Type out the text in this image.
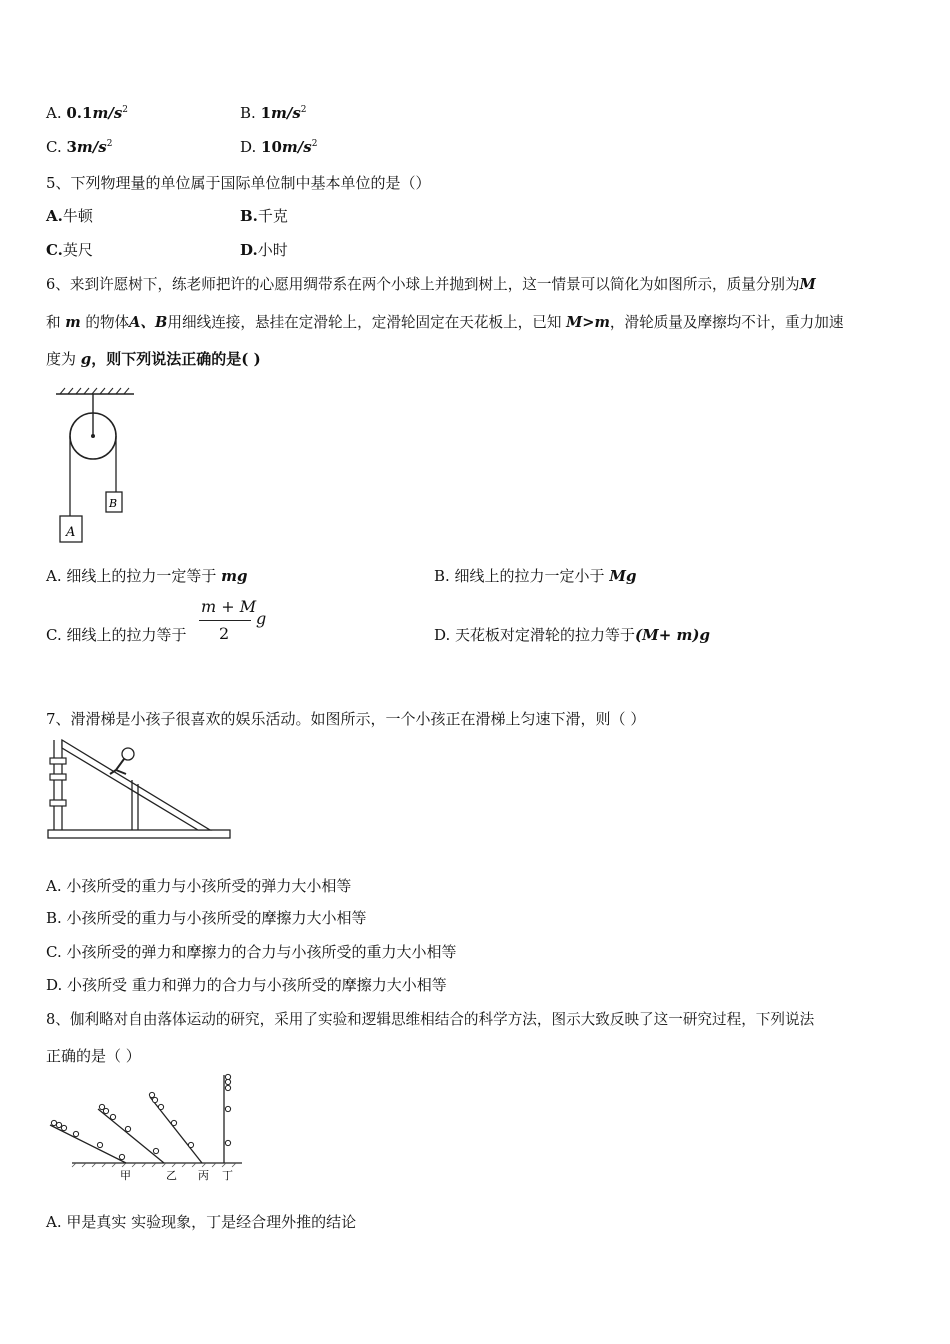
A. $0.1m/s^2$	B. $1m/s^2$
C. $3m/s^2$	D. $10m/s^2$
5、下列物理量的单位属于国际单位制中基本单位的是（）
A.牛顿	B.千克
C.英尺	D.小时
6、来到许愿树下，练老师把许的心愿用绸带系在两个小球上并抛到树上，这一情景可以简化为如图所示，质量分别为M
和 m 的物体A、B用细线连接，悬挂在定滑轮上，定滑轮固定在天花板上，已知 M>m，滑轮质量及摩擦均不计，重力加速
度为 g，则下列说法正确的是( )
A
B
A. 细线上的拉力一定等于 mg	B. 细线上的拉力一定小于 Mg
C. 细线上的拉力等于
m + M
2
g
D. 天花板对定滑轮的拉力等于(M+ m)g
7、滑滑梯是小孩子很喜欢的娱乐活动。如图所示，一个小孩正在滑梯上匀速下滑，则（ ）
A. 小孩所受的重力与小孩所受的弹力大小相等
B. 小孩所受的重力与小孩所受的摩擦力大小相等
C. 小孩所受的弹力和摩擦力的合力与小孩所受的重力大小相等
D. 小孩所受 重力和弹力的合力与小孩所受的摩擦力大小相等
8、伽利略对自由落体运动的研究，采用了实验和逻辑思维相结合的科学方法，图示大致反映了这一研究过程，下列说法
正确的是（ ）
甲	乙 丙 丁
A. 甲是真实 实验现象，丁是经合理外推的结论
